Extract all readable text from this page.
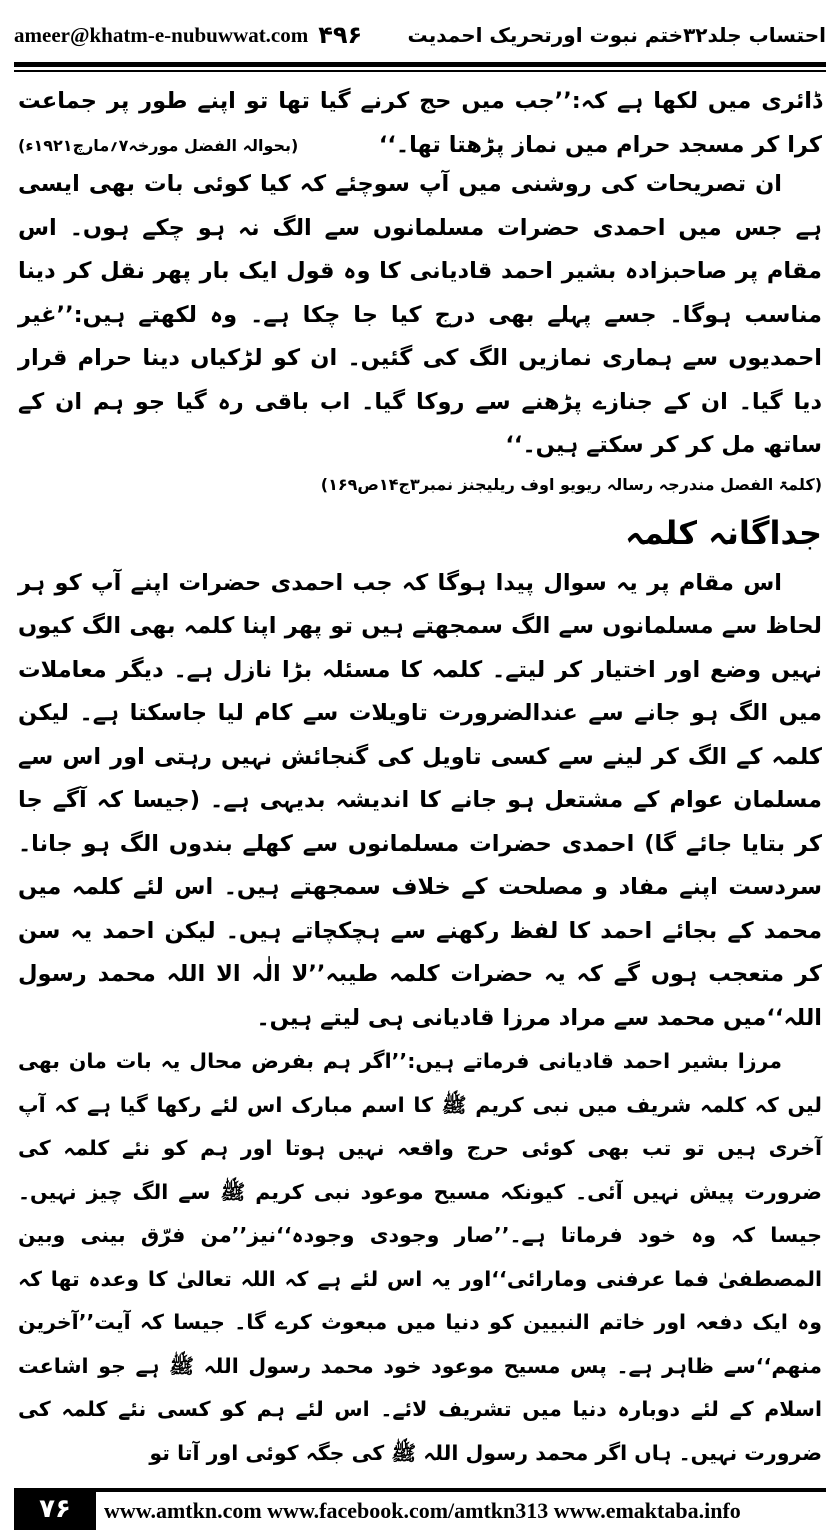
ameer@khatm-e-nubuwwat.com ۴۹۶ احتساب جلد۳۲ختم نبوت اورتحریک احمدیت

ڈائری میں لکھا ہے کہ:’’جب میں حج کرنے گیا تھا تو اپنے طور پر جماعت کرا کر مسجد حرام میں نماز پڑھتا تھا۔‘‘

(بحوالہ الفضل مورخہ۷؍مارچ۱۹۲۱ء)

ان تصریحات کی روشنی میں آپ سوچئے کہ کیا کوئی بات بھی ایسی ہے جس میں احمدی حضرات مسلمانوں سے الگ نہ ہو چکے ہوں۔ اس مقام پر صاحبزادہ بشیر احمد قادیانی کا وہ قول ایک بار پھر نقل کر دینا مناسب ہوگا۔ جسے پہلے بھی درج کیا جا چکا ہے۔ وہ لکھتے ہیں:’’غیر احمدیوں سے ہماری نمازیں الگ کی گئیں۔ ان کو لڑکیاں دینا حرام قرار دیا گیا۔ ان کے جنازے پڑھنے سے روکا گیا۔ اب باقی رہ گیا جو ہم ان کے ساتھ مل کر کر سکتے ہیں۔‘‘

(کلمۃ الفصل مندرجہ رسالہ ریویو اوف ریلیجنز نمبر۳ج۱۴ص۱۶۹)
جداگانہ کلمہ

اس مقام پر یہ سوال پیدا ہوگا کہ جب احمدی حضرات اپنے آپ کو ہر لحاظ سے مسلمانوں سے الگ سمجھتے ہیں تو پھر اپنا کلمہ بھی الگ کیوں نہیں وضع اور اختیار کر لیتے۔ کلمہ کا مسئلہ بڑا نازل ہے۔ دیگر معاملات میں الگ ہو جانے سے عندالضرورت تاویلات سے کام لیا جاسکتا ہے۔ لیکن کلمہ کے الگ کر لینے سے کسی تاویل کی گنجائش نہیں رہتی اور اس سے مسلمان عوام کے مشتعل ہو جانے کا اندیشہ بدیہی ہے۔ (جیسا کہ آگے جا کر بتایا جائے گا) احمدی حضرات مسلمانوں سے کھلے بندوں الگ ہو جانا۔ سردست اپنے مفاد و مصلحت کے خلاف سمجھتے ہیں۔ اس لئے کلمہ میں محمد کے بجائے احمد کا لفظ رکھنے سے ہچکچاتے ہیں۔ لیکن احمد یہ سن کر متعجب ہوں گے کہ یہ حضرات کلمہ طیبہ’’لا الٰہ الا اللہ محمد رسول اللہ‘‘میں محمد سے مراد مرزا قادیانی ہی لیتے ہیں۔

مرزا بشیر احمد قادیانی فرماتے ہیں:’’اگر ہم بفرض محال یہ بات مان بھی لیں کہ کلمہ شریف میں نبی کریم ﷺ کا اسم مبارک اس لئے رکھا گیا ہے کہ آپ آخری ہیں تو تب بھی کوئی حرج واقعہ نہیں ہوتا اور ہم کو نئے کلمہ کی ضرورت پیش نہیں آئی۔ کیونکہ مسیح موعود نبی کریم ﷺ سے الگ چیز نہیں۔ جیسا کہ وہ خود فرماتا ہے۔’’صار وجودی وجودہ‘‘نیز’’من فرّق بینی وبین المصطفیٰ فما عرفنی ومارائی‘‘اور یہ اس لئے ہے کہ اللہ تعالیٰ کا وعدہ تھا کہ وہ ایک دفعہ اور خاتم النبیین کو دنیا میں مبعوث کرے گا۔ جیسا کہ آیت’’آخرین منھم‘‘سے ظاہر ہے۔ پس مسیح موعود خود محمد رسول اللہ ﷺ ہے جو اشاعت اسلام کے لئے دوبارہ دنیا میں تشریف لائے۔ اس لئے ہم کو کسی نئے کلمہ کی ضرورت نہیں۔ ہاں اگر محمد رسول اللہ ﷺ کی جگہ کوئی اور آتا تو

۷۶	www.amtkn.com www.facebook.com/amtkn313 www.emaktaba.info
